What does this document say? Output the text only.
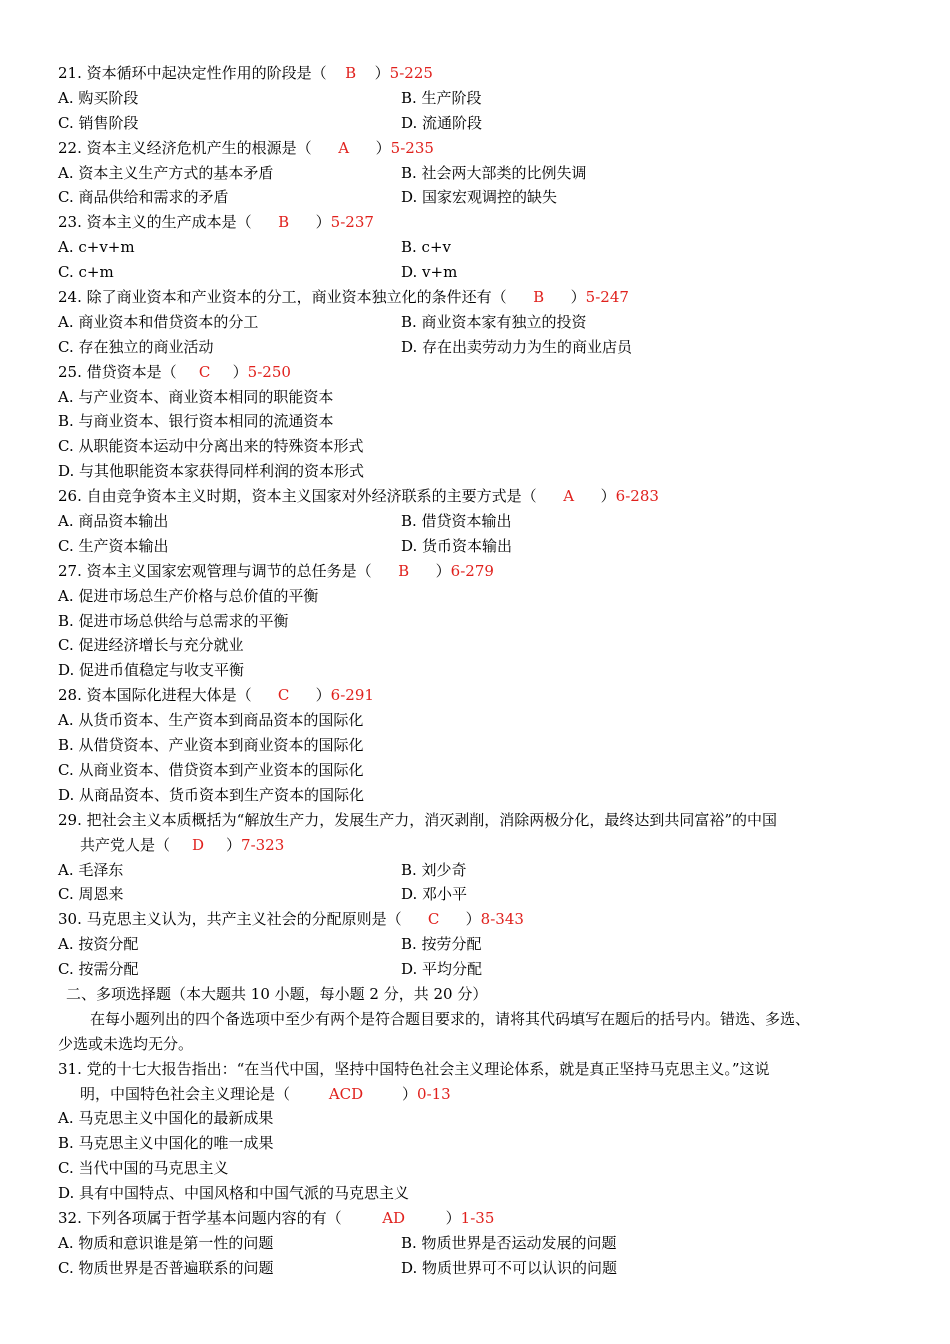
21. 资本循环中起决定性作用的阶段是（ B ）5-225
A. 购买阶段	B. 生产阶段
C. 销售阶段	D. 流通阶段
22. 资本主义经济危机产生的根源是（ A ）5-235
A. 资本主义生产方式的基本矛盾	B. 社会两大部类的比例失调
C. 商品供给和需求的矛盾	D. 国家宏观调控的缺失
23. 资本主义的生产成本是（ B ）5-237
A. c+v+m	B. c+v
C. c+m	D. v+m
24. 除了商业资本和产业资本的分工，商业资本独立化的条件还有（ B ）5-247
A. 商业资本和借贷资本的分工	B. 商业资本家有独立的投资
C. 存在独立的商业活动	D. 存在出卖劳动力为生的商业店员
25. 借贷资本是（ C ）5-250
A. 与产业资本、商业资本相同的职能资本
B. 与商业资本、银行资本相同的流通资本
C. 从职能资本运动中分离出来的特殊资本形式
D. 与其他职能资本家获得同样利润的资本形式
26. 自由竞争资本主义时期，资本主义国家对外经济联系的主要方式是（ A ）6-283
A. 商品资本输出	B. 借贷资本输出
C. 生产资本输出	D. 货币资本输出
27. 资本主义国家宏观管理与调节的总任务是（ B ）6-279
A. 促进市场总生产价格与总价值的平衡
B. 促进市场总供给与总需求的平衡
C. 促进经济增长与充分就业
D. 促进币值稳定与收支平衡
28. 资本国际化进程大体是（ C ）6-291
A. 从货币资本、生产资本到商品资本的国际化
B. 从借贷资本、产业资本到商业资本的国际化
C. 从商业资本、借贷资本到产业资本的国际化
D. 从商品资本、货币资本到生产资本的国际化
29. 把社会主义本质概括为“解放生产力，发展生产力，消灭剥削，消除两极分化，最终达到共同富裕”的中国
共产党人是（ D ）7-323
A. 毛泽东	B. 刘少奇
C. 周恩来	D. 邓小平
30. 马克思主义认为，共产主义社会的分配原则是（ C ）8-343
A. 按资分配	B. 按劳分配
C. 按需分配	D. 平均分配
二、多项选择题（本大题共 10 小题，每小题 2 分，共 20 分）
在每小题列出的四个备选项中至少有两个是符合题目要求的，请将其代码填写在题后的括号内。错选、多选、
少选或未选均无分。
31. 党的十七大报告指出：“在当代中国，坚持中国特色社会主义理论体系，就是真正坚持马克思主义。”这说
明，中国特色社会主义理论是（	ACD	）0-13
A. 马克思主义中国化的最新成果
B. 马克思主义中国化的唯一成果
C. 当代中国的马克思主义
D. 具有中国特点、中国风格和中国气派的马克思主义
32. 下列各项属于哲学基本问题内容的有（	AD	）1-35
A. 物质和意识谁是第一性的问题	B. 物质世界是否运动发展的问题
C. 物质世界是否普遍联系的问题	D. 物质世界可不可以认识的问题
